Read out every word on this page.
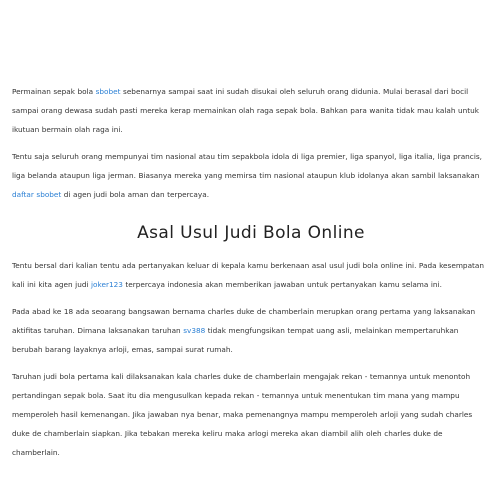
Permainan sepak bola sbobet sebenarnya sampai saat ini sudah disukai oleh seluruh orang didunia. Mulai berasal dari bocil sampai orang dewasa sudah pasti mereka kerap memainkan olah raga sepak bola. Bahkan para wanita tidak mau kalah untuk ikutuan bermain olah raga ini.

Tentu saja seluruh orang mempunyai tim nasional atau tim sepakbola idola di liga premier, liga spanyol, liga italia, liga prancis, liga belanda ataupun liga jerman. Biasanya mereka yang memirsa tim nasional ataupun klub idolanya akan sambil laksanakan daftar sbobet di agen judi bola aman dan terpercaya.

Asal Usul Judi Bola Online

Tentu bersal dari kalian tentu ada pertanyakan keluar di kepala kamu berkenaan asal usul judi bola online ini. Pada kesempatan kali ini kita agen judi joker123 terpercaya indonesia akan memberikan jawaban untuk pertanyakan kamu selama ini.

Pada abad ke 18 ada seoarang bangsawan bernama charles duke de chamberlain merupkan orang pertama yang laksanakan aktifitas taruhan. Dimana laksanakan taruhan sv388 tidak mengfungsikan tempat uang asli, melainkan mempertaruhkan berubah barang layaknya arloji, emas, sampai surat rumah.

Taruhan judi bola pertama kali dilaksanakan kala charles duke de chamberlain mengajak rekan - temannya untuk menontoh pertandingan sepak bola. Saat itu dia mengusulkan kepada rekan - temannya untuk menentukan tim mana yang mampu memperoleh hasil kemenangan. Jika jawaban nya benar, maka pemenangnya mampu memperoleh arloji yang sudah charles duke de chamberlain siapkan. Jika tebakan mereka keliru maka arlogi mereka akan diambil alih oleh charles duke de chamberlain.
